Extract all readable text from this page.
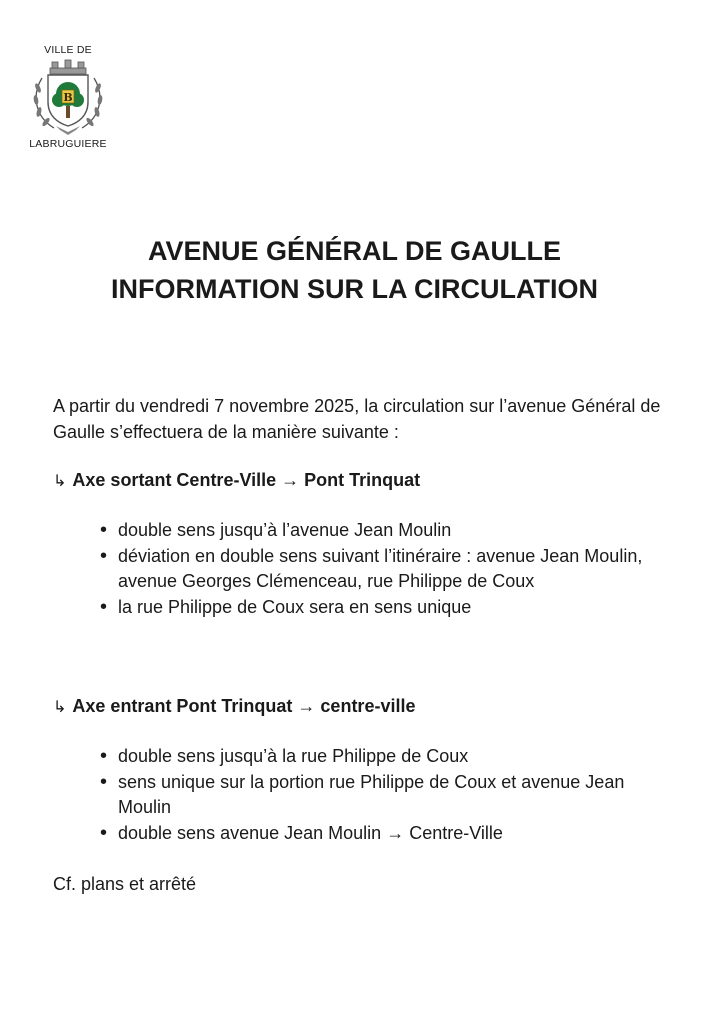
VILLE DE
B
LABRUGUIERE
AVENUE GÉNÉRAL DE GAULLE
INFORMATION SUR LA CIRCULATION

A partir du vendredi 7 novembre 2025, la circulation sur l’avenue Général de Gaulle s’effectuera de la manière suivante :

↳ Axe sortant Centre-Ville → Pont Trinquat

• double sens jusqu’à l’avenue Jean Moulin
• déviation en double sens suivant l’itinéraire : avenue Jean Moulin, avenue Georges Clémenceau, rue Philippe de Coux
• la rue Philippe de Coux sera en sens unique

↳ Axe entrant Pont Trinquat → centre-ville

• double sens jusqu’à la rue Philippe de Coux
• sens unique sur la portion rue Philippe de Coux et avenue Jean Moulin
• double sens avenue Jean Moulin → Centre-Ville

Cf. plans et arrêté
